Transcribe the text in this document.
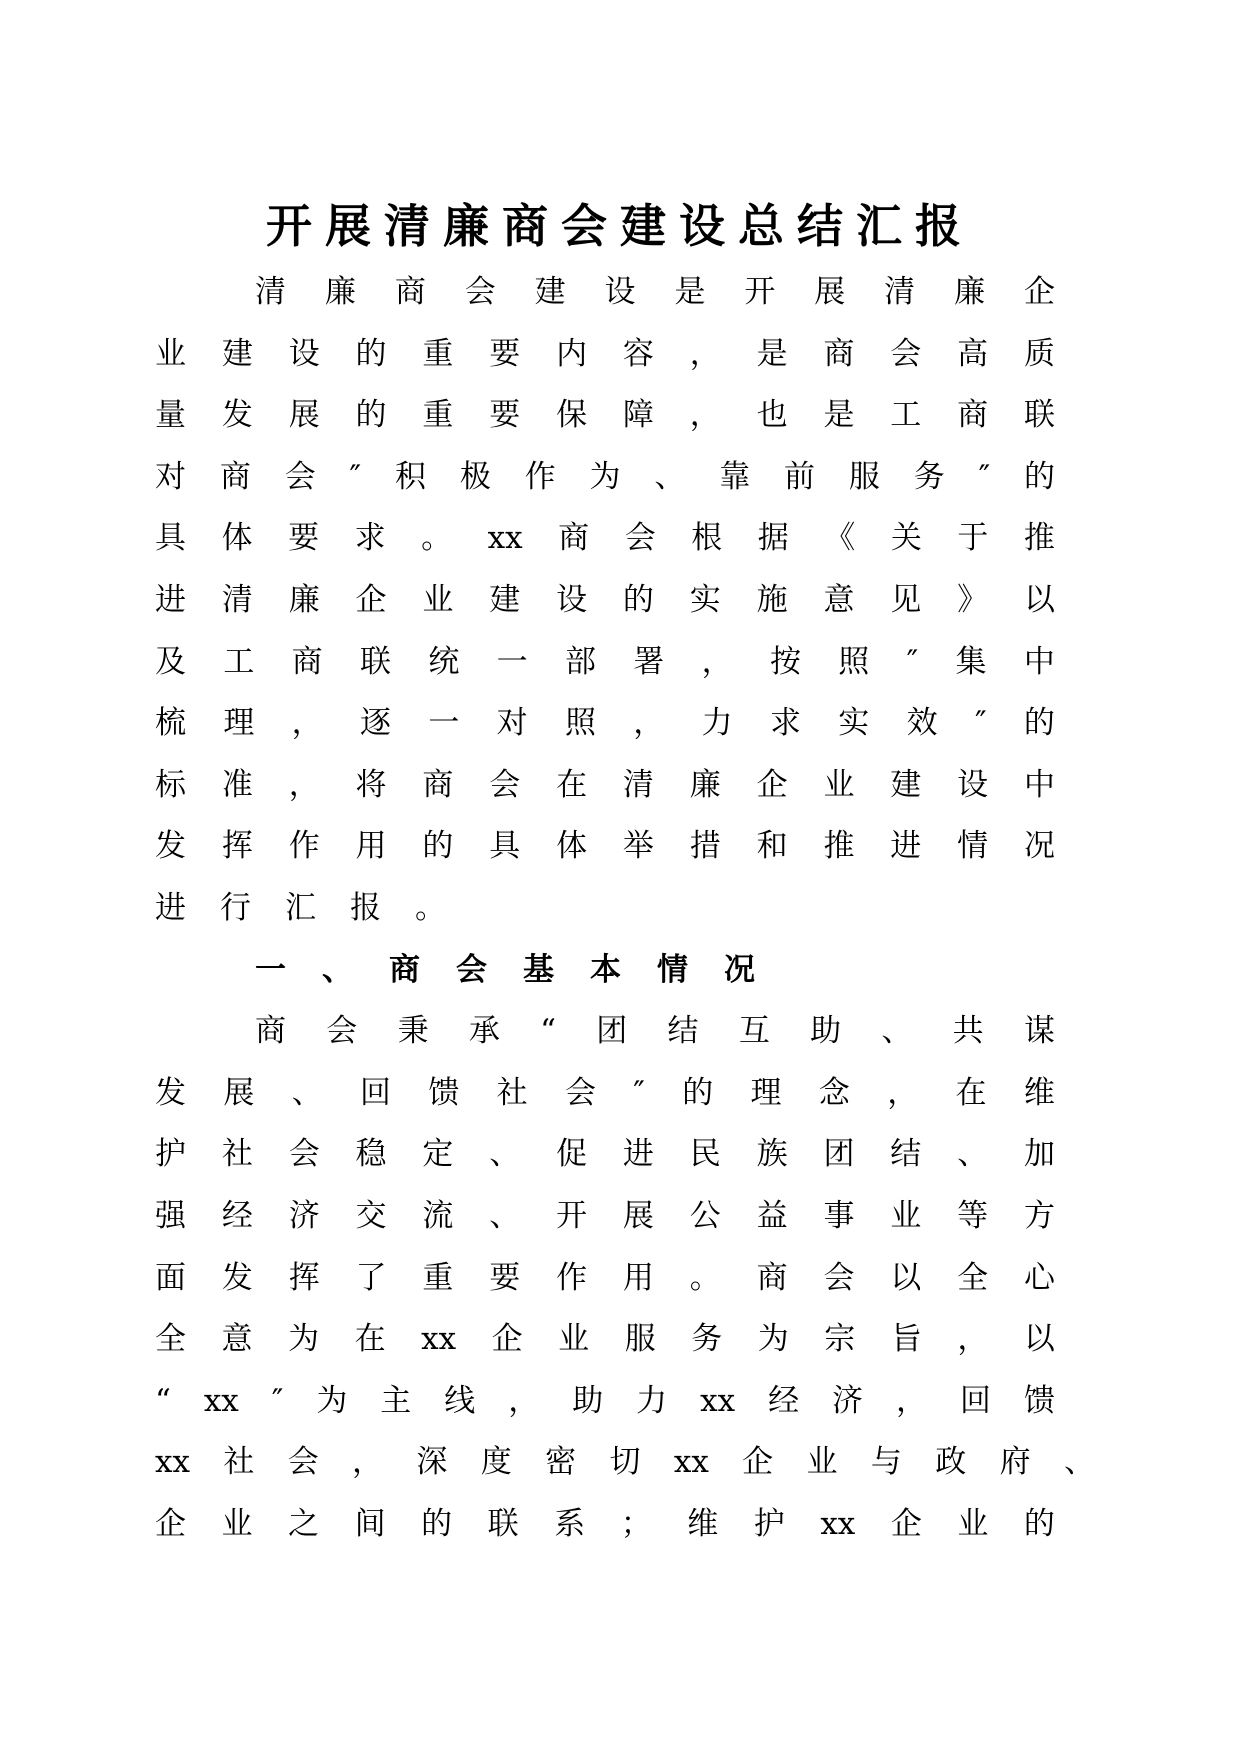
开展清廉商会建设总结汇报
清 廉 商 会 建 设 是 开 展 清 廉 企
业 建 设 的 重 要 内 容 ， 是 商 会 高 质
量 发 展 的 重 要 保 障 ， 也 是 工 商 联
对 商 会 ″ 积 极 作 为 、 靠 前 服 务 ″ 的
具 体 要 求 。 xx 商 会 根 据 《 关 于 推
进 清 廉 企 业 建 设 的 实 施 意 见 》 以
及 工 商 联 统 一 部 署 ， 按 照 ″ 集 中
梳 理 ， 逐 一 对 照 ， 力 求 实 效 ″ 的
标 准 ， 将 商 会 在 清 廉 企 业 建 设 中
发 挥 作 用 的 具 体 举 措 和 推 进 情 况
进 行 汇 报 。
一 、 商 会 基 本 情 况
商 会 秉 承 “ 团 结 互 助 、 共 谋
发 展 、 回 馈 社 会 ″ 的 理 念 ， 在 维
护 社 会 稳 定 、 促 进 民 族 团 结 、 加
强 经 济 交 流 、 开 展 公 益 事 业 等 方
面 发 挥 了 重 要 作 用 。 商 会 以 全 心
全 意 为 在 xx 企 业 服 务 为 宗 旨 ， 以
“ xx ″ 为 主 线 ， 助 力 xx 经 济 ， 回 馈
xx 社 会 ， 深 度 密 切 xx 企 业 与 政 府 、
企 业 之 间 的 联 系 ； 维 护 xx 企 业 的
